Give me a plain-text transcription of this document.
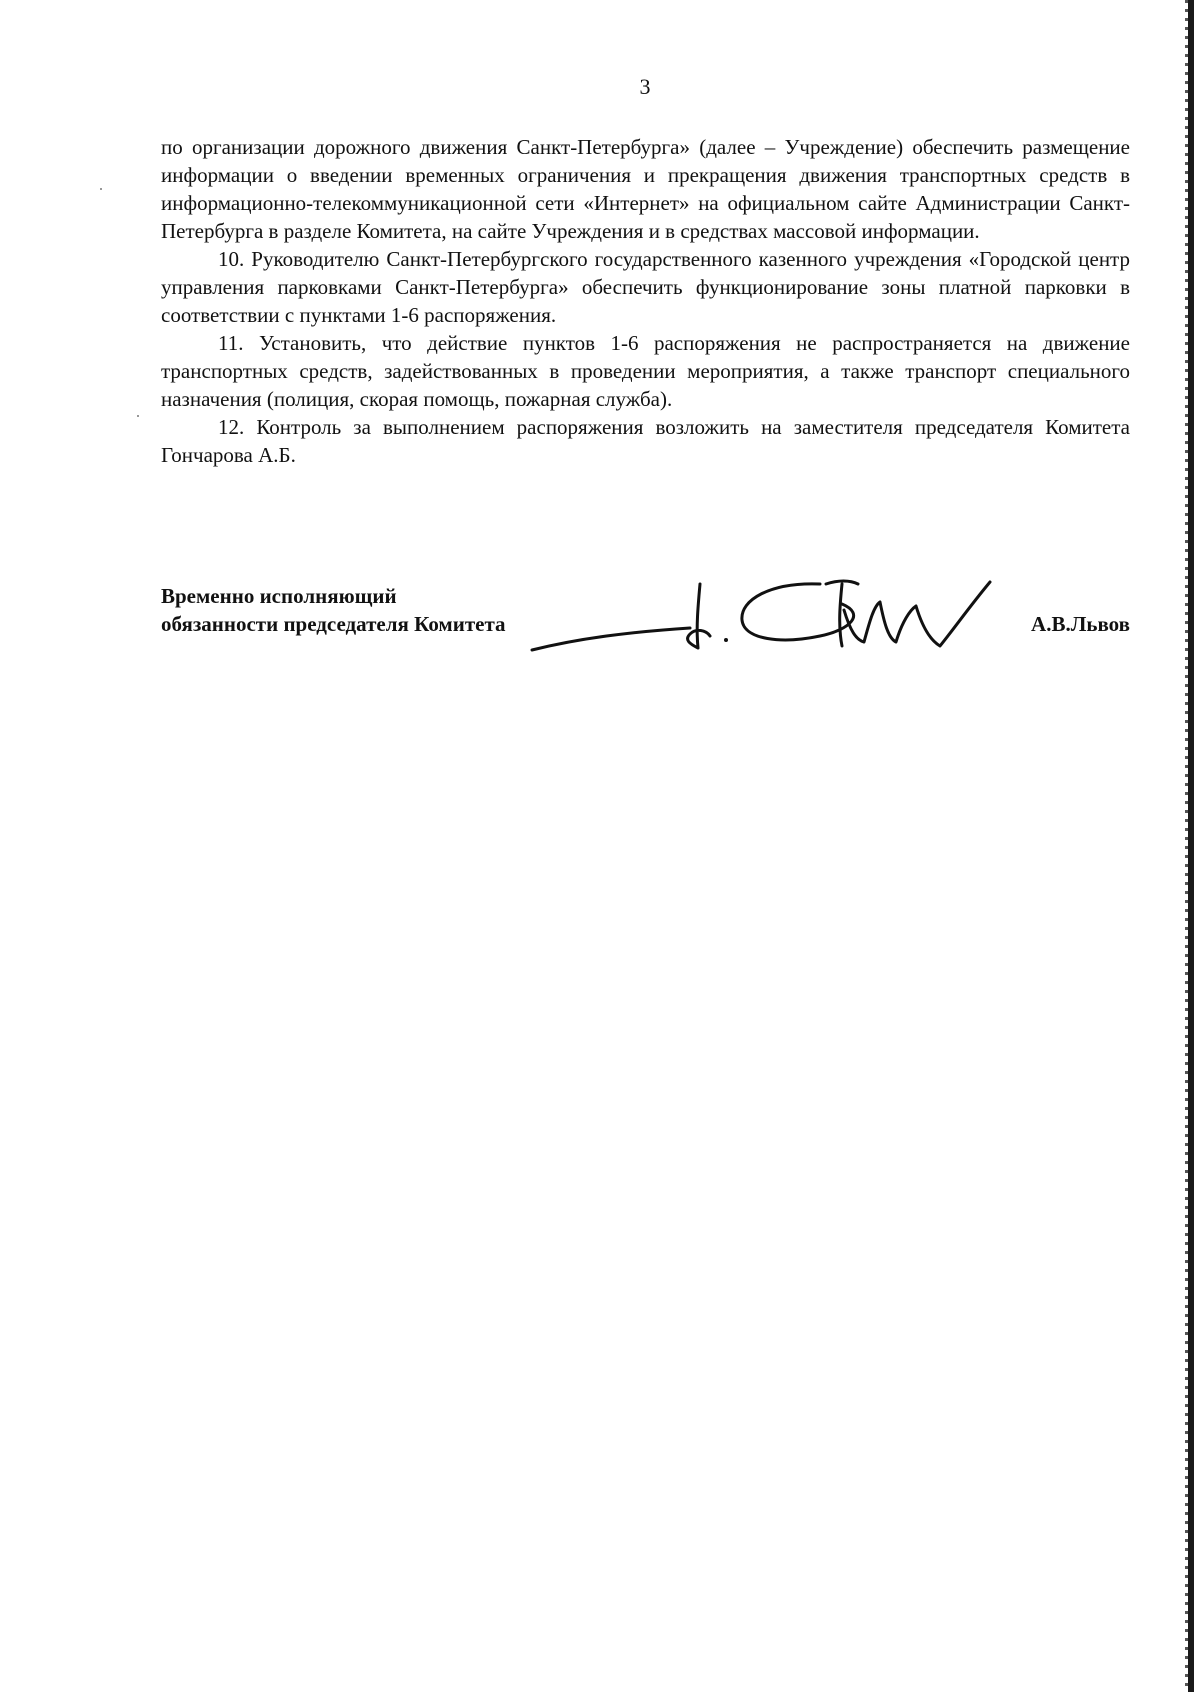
3

по организации дорожного движения Санкт-Петербурга» (далее – Учреждение) обеспечить размещение информации о введении временных ограничения и прекращения движения транспортных средств в информационно-телекоммуникационной сети «Интернет» на официальном сайте Администрации Санкт-Петербурга в разделе Комитета, на сайте Учреждения и в средствах массовой информации.

10. Руководителю Санкт-Петербургского государственного казенного учреждения «Городской центр управления парковками Санкт-Петербурга» обеспечить функционирование зоны платной парковки в соответствии с пунктами 1-6 распоряжения.

11. Установить, что действие пунктов 1-6 распоряжения не распространяется на движение транспортных средств, задействованных в проведении мероприятия, а также транспорт специального назначения (полиция, скорая помощь, пожарная служба).

12. Контроль за выполнением распоряжения возложить на заместителя председателя Комитета Гончарова А.Б.

Временно исполняющий
обязанности председателя Комитета	А.В.Львов
